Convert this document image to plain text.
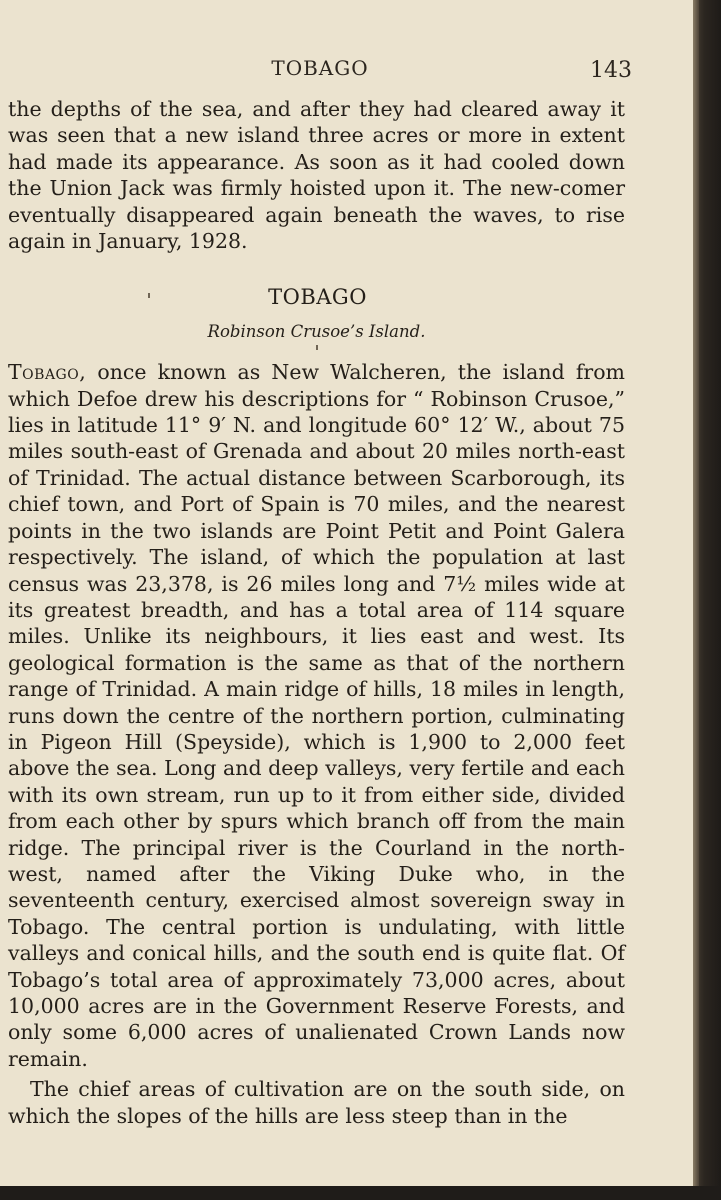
TOBAGO	143

the depths of the sea, and after they had cleared away it was seen that a new island three acres or more in extent had made its appearance. As soon as it had cooled down the Union Jack was firmly hoisted upon it. The new-comer eventually disappeared again beneath the waves, to rise again in January, 1928.

TOBAGO

Robinson Crusoe’s Island.

Tobago, once known as New Walcheren, the island from which Defoe drew his descriptions for “ Robinson Crusoe,” lies in latitude 11° 9′ N. and longitude 60° 12′ W., about 75 miles south-east of Grenada and about 20 miles north-east of Trinidad. The actual distance between Scarborough, its chief town, and Port of Spain is 70 miles, and the nearest points in the two islands are Point Petit and Point Galera respectively. The island, of which the population at last census was 23,378, is 26 miles long and 7½ miles wide at its greatest breadth, and has a total area of 114 square miles. Unlike its neighbours, it lies east and west. Its geological formation is the same as that of the northern range of Trinidad. A main ridge of hills, 18 miles in length, runs down the centre of the northern portion, culminating in Pigeon Hill (Speyside), which is 1,900 to 2,000 feet above the sea. Long and deep valleys, very fertile and each with its own stream, run up to it from either side, divided from each other by spurs which branch off from the main ridge. The principal river is the Courland in the north-west, named after the Viking Duke who, in the seventeenth century, exercised almost sovereign sway in Tobago. The central portion is undulating, with little valleys and conical hills, and the south end is quite flat. Of Tobago’s total area of approximately 73,000 acres, about 10,000 acres are in the Government Reserve Forests, and only some 6,000 acres of unalienated Crown Lands now remain.

The chief areas of cultivation are on the south side, on which the slopes of the hills are less steep than in the
